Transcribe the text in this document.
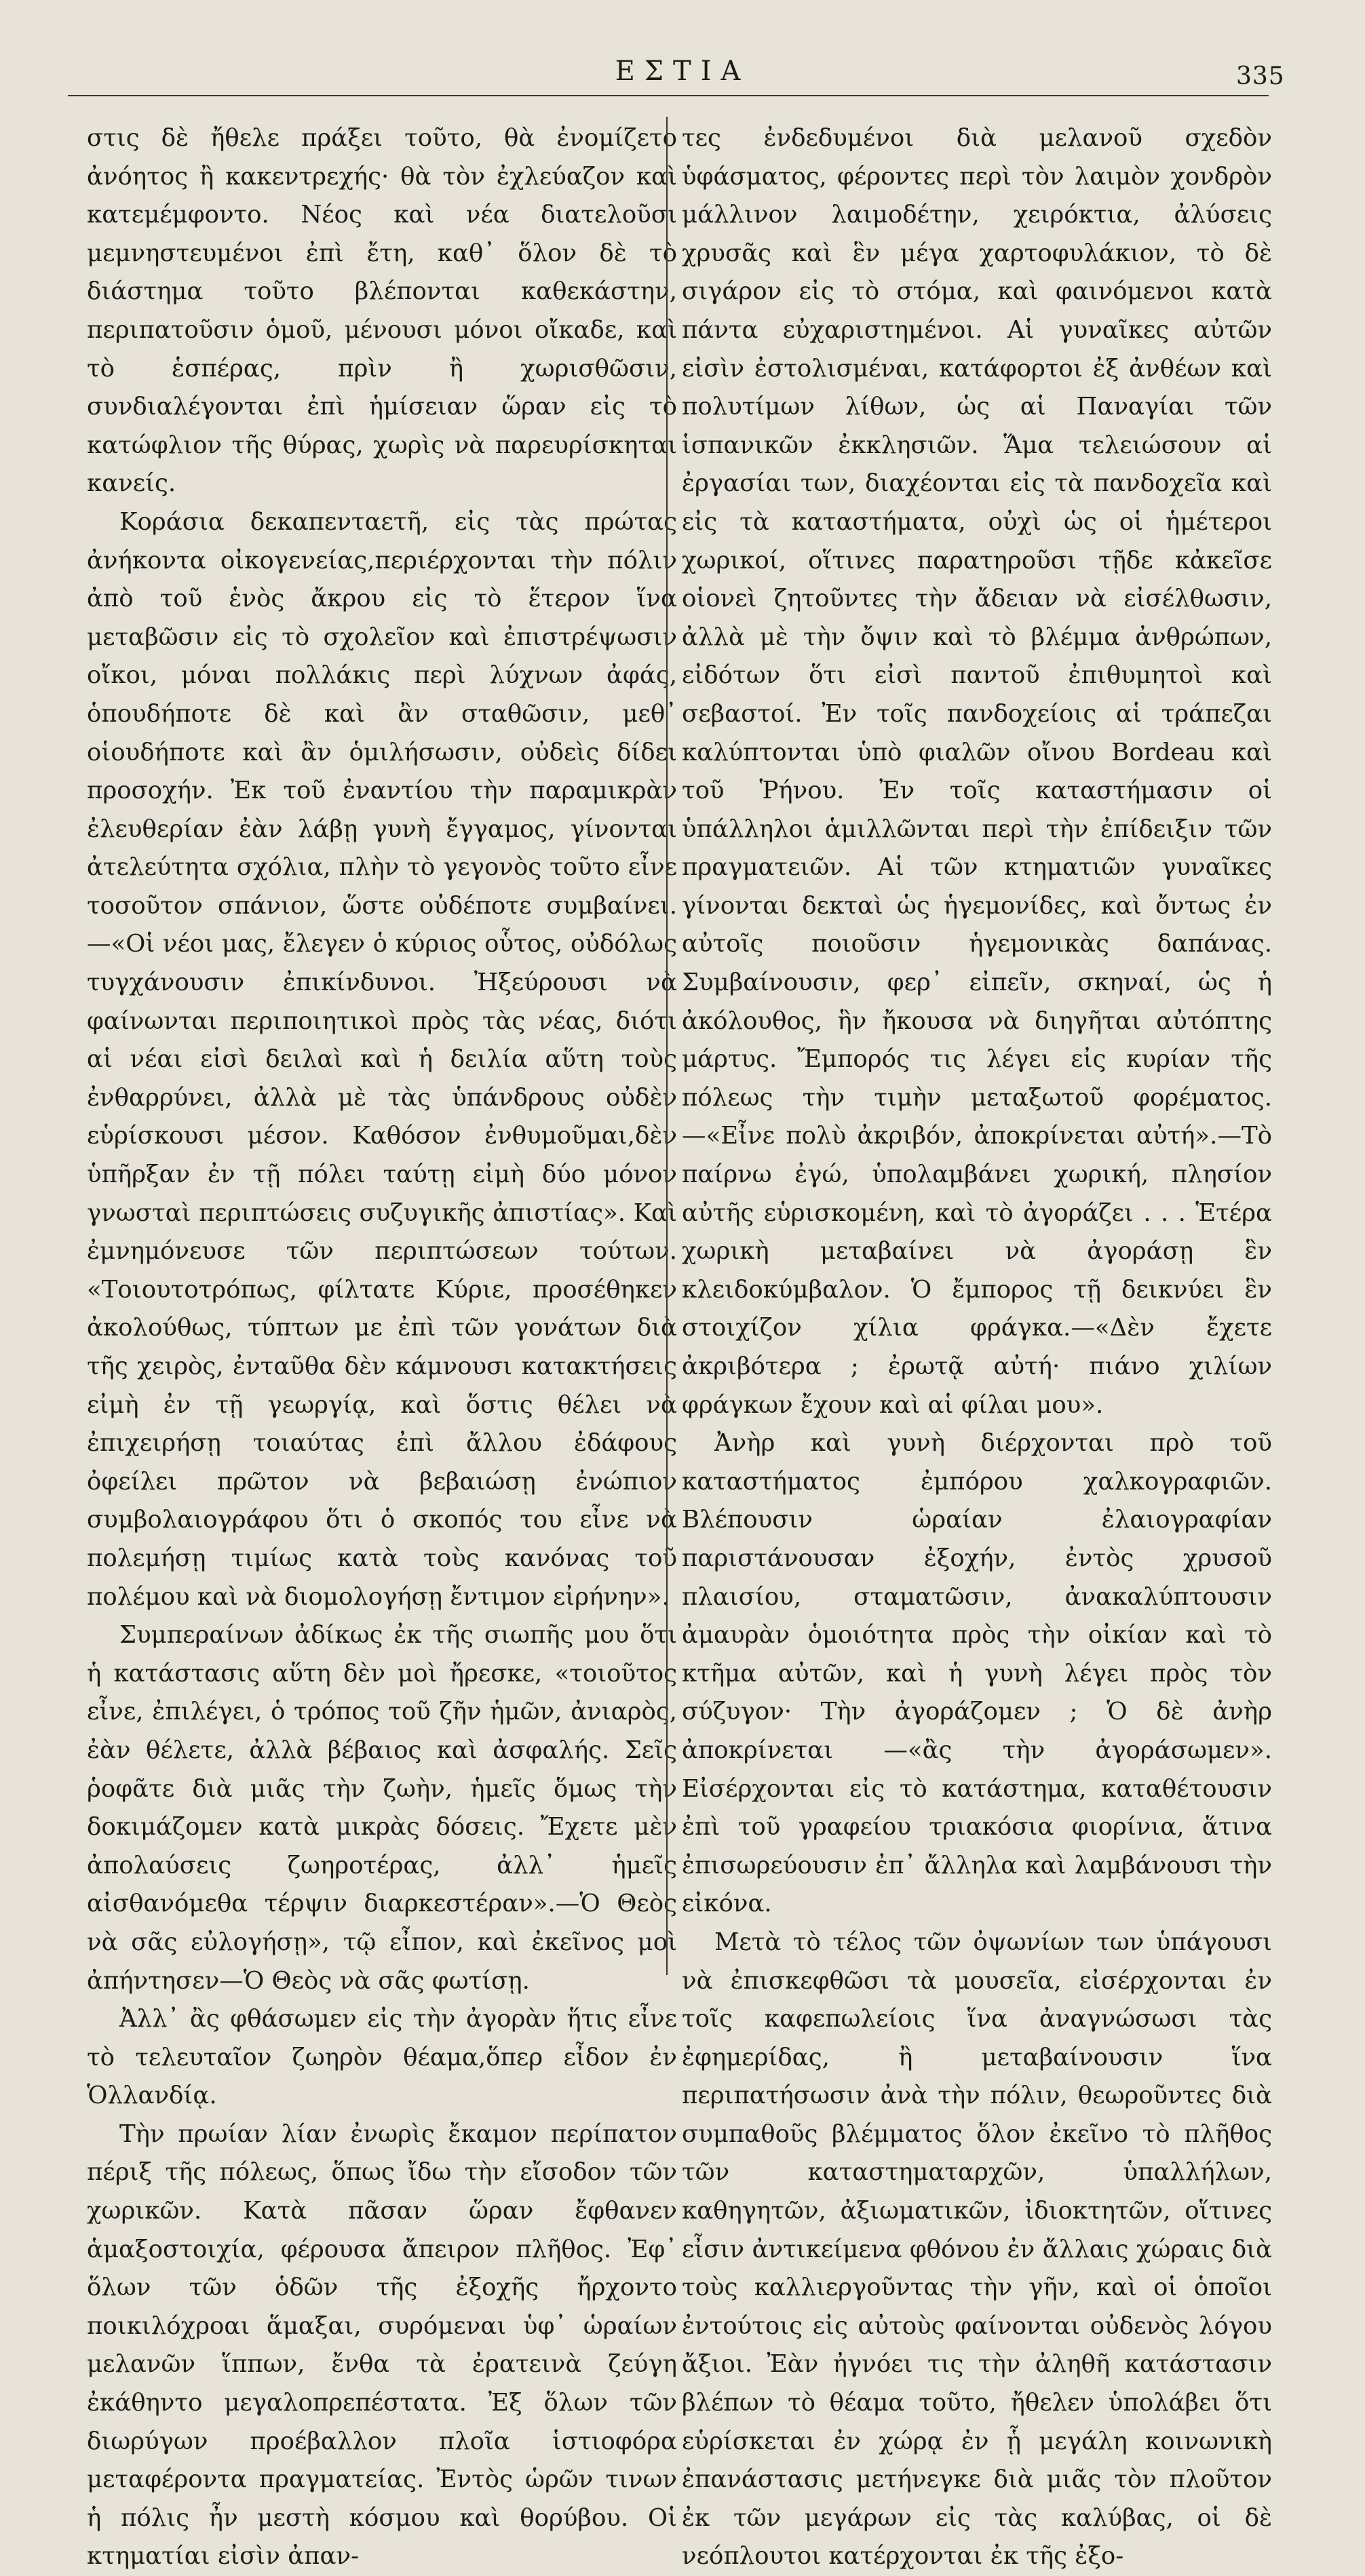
ΕΣΤΙΑ	335

στις δὲ ἤθελε πράξει τοῦτο, θὰ ἐνομίζετο ἀνόητος ἢ κακεντρεχής· θὰ τὸν ἐχλεύαζον καὶ κατεμέμφοντο. Νέος καὶ νέα διατελοῦσι μεμνηστευμένοι ἐπὶ ἔτη, καθ᾽ ὅλον δὲ τὸ διάστημα τοῦτο βλέπονται καθεκάστην, περιπατοῦσιν ὁμοῦ, μένουσι μόνοι οἴκαδε, καὶ τὸ ἑσπέρας, πρὶν ἢ χωρισθῶσιν, συνδιαλέγονται ἐπὶ ἡμίσειαν ὥραν εἰς τὸ κατώφλιον τῆς θύρας, χωρὶς νὰ παρευρίσκηται κανείς.

Κοράσια δεκαπενταετῆ, εἰς τὰς πρώτας ἀνήκοντα οἰκογενείας,περιέρχονται τὴν πόλιν ἀπὸ τοῦ ἑνὸς ἄκρου εἰς τὸ ἕτερον ἵνα μεταβῶσιν εἰς τὸ σχολεῖον καὶ ἐπιστρέψωσιν οἴκοι, μόναι πολλάκις περὶ λύχνων ἀφάς, ὁπουδήποτε δὲ καὶ ἂν σταθῶσιν, μεθ᾽ οἱουδήποτε καὶ ἂν ὁμιλήσωσιν, οὐδεὶς δίδει προσοχήν. Ἐκ τοῦ ἐναντίου τὴν παραμικρὰν ἐλευθερίαν ἐὰν λάβῃ γυνὴ ἔγγαμος, γίνονται ἀτελεύτητα σχόλια, πλὴν τὸ γεγονὸς τοῦτο εἶνε τοσοῦτον σπάνιον, ὥστε οὐδέποτε συμβαίνει.—«Οἱ νέοι μας, ἔλεγεν ὁ κύριος οὗτος, οὐδόλως τυγχάνουσιν ἐπικίνδυνοι. Ἠξεύρουσι νὰ φαίνωνται περιποιητικοὶ πρὸς τὰς νέας, διότι αἱ νέαι εἰσὶ δειλαὶ καὶ ἡ δειλία αὕτη τοὺς ἐνθαρρύνει, ἀλλὰ μὲ τὰς ὑπάνδρους οὐδὲν εὑρίσκουσι μέσον. Καθόσον ἐνθυμοῦμαι,δὲν ὑπῆρξαν ἐν τῇ πόλει ταύτῃ εἰμὴ δύο μόνον γνωσταὶ περιπτώσεις συζυγικῆς ἀπιστίας». Καὶ ἐμνημόνευσε τῶν περιπτώσεων τούτων. «Τοιουτοτρόπως, φίλτατε Κύριε, προσέθηκεν ἀκολούθως, τύπτων με ἐπὶ τῶν γονάτων διὰ τῆς χειρὸς, ἐνταῦθα δὲν κάμνουσι κατακτήσεις εἰμὴ ἐν τῇ γεωργίᾳ, καὶ ὅστις θέλει νὰ ἐπιχειρήσῃ τοιαύτας ἐπὶ ἄλλου ἐδάφους ὀφείλει πρῶτον νὰ βεβαιώσῃ ἐνώπιον συμβολαιογράφου ὅτι ὁ σκοπός του εἶνε νὰ πολεμήσῃ τιμίως κατὰ τοὺς κανόνας τοῦ πολέμου καὶ νὰ διομολογήσῃ ἔντιμον εἰρήνην».

Συμπεραίνων ἀδίκως ἐκ τῆς σιωπῆς μου ὅτι ἡ κατάστασις αὕτη δὲν μοὶ ἤρεσκε, «τοιοῦτος εἶνε, ἐπιλέγει, ὁ τρόπος τοῦ ζῆν ἡμῶν, ἀνιαρὸς, ἐὰν θέλετε, ἀλλὰ βέβαιος καὶ ἀσφαλής. Σεῖς ῥοφᾶτε διὰ μιᾶς τὴν ζωὴν, ἡμεῖς ὅμως τὴν δοκιμάζομεν κατὰ μικρὰς δόσεις. Ἔχετε μὲν ἀπολαύσεις ζωηροτέρας, ἀλλ᾽ ἡμεῖς αἰσθανόμεθα τέρψιν διαρκεστέραν».—Ὁ Θεὸς νὰ σᾶς εὐλογήσῃ», τῷ εἶπον, καὶ ἐκεῖνος μοὶ ἀπήντησεν—Ὁ Θεὸς νὰ σᾶς φωτίσῃ.

Ἀλλ᾽ ἂς φθάσωμεν εἰς τὴν ἀγορὰν ἥτις εἶνε τὸ τελευταῖον ζωηρὸν θέαμα,ὅπερ εἶδον ἐν Ὁλλανδίᾳ.

Τὴν πρωίαν λίαν ἐνωρὶς ἔκαμον περίπατον πέριξ τῆς πόλεως, ὅπως ἴδω τὴν εἴσοδον τῶν χωρικῶν. Κατὰ πᾶσαν ὥραν ἔφθανεν ἁμαξοστοιχία, φέρουσα ἄπειρον πλῆθος. Ἐφ᾽ ὅλων τῶν ὁδῶν τῆς ἐξοχῆς ἤρχοντο ποικιλόχροαι ἅμαξαι, συρόμεναι ὑφ᾽ ὡραίων μελανῶν ἵππων, ἔνθα τὰ ἐρατεινὰ ζεύγη ἐκάθηντο μεγαλοπρεπέστατα. Ἐξ ὅλων τῶν διωρύγων προέβαλλον πλοῖα ἱστιοφόρα μεταφέροντα πραγματείας. Ἐντὸς ὡρῶν τινων ἡ πόλις ἦν μεστὴ κόσμου καὶ θορύβου. Οἱ κτηματίαι εἰσὶν ἀπαν-

τες ἐνδεδυμένοι διὰ μελανοῦ σχεδὸν ὑφάσματος, φέροντες περὶ τὸν λαιμὸν χονδρὸν μάλλινον λαιμοδέτην, χειρόκτια, ἀλύσεις χρυσᾶς καὶ ἓν μέγα χαρτοφυλάκιον, τὸ δὲ σιγάρον εἰς τὸ στόμα, καὶ φαινόμενοι κατὰ πάντα εὐχαριστημένοι. Αἱ γυναῖκες αὐτῶν εἰσὶν ἐστολισμέναι, κατάφορτοι ἐξ ἀνθέων καὶ πολυτίμων λίθων, ὡς αἱ Παναγίαι τῶν ἱσπανικῶν ἐκκλησιῶν. Ἅμα τελειώσουν αἱ ἐργασίαι των, διαχέονται εἰς τὰ πανδοχεῖα καὶ εἰς τὰ καταστήματα, οὐχὶ ὡς οἱ ἡμέτεροι χωρικοί, οἵτινες παρατηροῦσι τῇδε κἀκεῖσε οἱονεὶ ζητοῦντες τὴν ἄδειαν νὰ εἰσέλθωσιν, ἀλλὰ μὲ τὴν ὄψιν καὶ τὸ βλέμμα ἀνθρώπων, εἰδότων ὅτι εἰσὶ παντοῦ ἐπιθυμητοὶ καὶ σεβαστοί. Ἐν τοῖς πανδοχείοις αἱ τράπεζαι καλύπτονται ὑπὸ φιαλῶν οἴνου Bordeau καὶ τοῦ Ῥήνου. Ἐν τοῖς καταστήμασιν οἱ ὑπάλληλοι ἁμιλλῶνται περὶ τὴν ἐπίδειξιν τῶν πραγματειῶν. Αἱ τῶν κτηματιῶν γυναῖκες γίνονται δεκταὶ ὡς ἡγεμονίδες, καὶ ὄντως ἐν αὐτοῖς ποιοῦσιν ἡγεμονικὰς δαπάνας. Συμβαίνουσιν, φερ᾽ εἰπεῖν, σκηναί, ὡς ἡ ἀκόλουθος, ἣν ἤκουσα νὰ διηγῆται αὐτόπτης μάρτυς. Ἔμπορός τις λέγει εἰς κυρίαν τῆς πόλεως τὴν τιμὴν μεταξωτοῦ φορέματος.—«Εἶνε πολὺ ἀκριβόν, ἀποκρίνεται αὐτή».—Τὸ παίρνω ἐγώ, ὑπολαμβάνει χωρική, πλησίον αὐτῆς εὑρισκομένη, καὶ τὸ ἀγοράζει . . . Ἑτέρα χωρικὴ μεταβαίνει νὰ ἀγοράσῃ ἓν κλειδοκύμβαλον. Ὁ ἔμπορος τῇ δεικνύει ἓν στοιχίζον χίλια φράγκα.—«Δὲν ἔχετε ἀκριβότερα ; ἐρωτᾷ αὐτή· πιάνο χιλίων φράγκων ἔχουν καὶ αἱ φίλαι μου».

Ἀνὴρ καὶ γυνὴ διέρχονται πρὸ τοῦ καταστήματος ἐμπόρου χαλκογραφιῶν. Βλέπουσιν ὡραίαν ἐλαιογραφίαν παριστάνουσαν ἐξοχήν, ἐντὸς χρυσοῦ πλαισίου, σταματῶσιν, ἀνακαλύπτουσιν ἀμαυρὰν ὁμοιότητα πρὸς τὴν οἰκίαν καὶ τὸ κτῆμα αὐτῶν, καὶ ἡ γυνὴ λέγει πρὸς τὸν σύζυγον· Τὴν ἀγοράζομεν ; Ὁ δὲ ἀνὴρ ἀποκρίνεται —«ἂς τὴν ἀγοράσωμεν». Εἰσέρχονται εἰς τὸ κατάστημα, καταθέτουσιν ἐπὶ τοῦ γραφείου τριακόσια φιορίνια, ἅτινα ἐπισωρεύουσιν ἐπ᾽ ἄλληλα καὶ λαμβάνουσι τὴν εἰκόνα.

Μετὰ τὸ τέλος τῶν ὀψωνίων των ὑπάγουσι νὰ ἐπισκεφθῶσι τὰ μουσεῖα, εἰσέρχονται ἐν τοῖς καφεπωλείοις ἵνα ἀναγνώσωσι τὰς ἐφημερίδας, ἢ μεταβαίνουσιν ἵνα περιπατήσωσιν ἀνὰ τὴν πόλιν, θεωροῦντες διὰ συμπαθοῦς βλέμματος ὅλον ἐκεῖνο τὸ πλῆθος τῶν καταστηματαρχῶν, ὑπαλλήλων, καθηγητῶν, ἀξιωματικῶν, ἰδιοκτητῶν, οἵτινες εἶσιν ἀντικείμενα φθόνου ἐν ἄλλαις χώραις διὰ τοὺς καλλιεργοῦντας τὴν γῆν, καὶ οἱ ὁποῖοι ἐντούτοις εἰς αὐτοὺς φαίνονται οὐδενὸς λόγου ἄξιοι. Ἐὰν ἠγνόει τις τὴν ἀληθῆ κατάστασιν βλέπων τὸ θέαμα τοῦτο, ἤθελεν ὑπολάβει ὅτι εὑρίσκεται ἐν χώρᾳ ἐν ᾗ μεγάλη κοινωνικὴ ἐπανάστασις μετήνεγκε διὰ μιᾶς τὸν πλοῦτον ἐκ τῶν μεγάρων εἰς τὰς καλύβας, οἱ δὲ νεόπλουτοι κατέρχονται ἐκ τῆς ἐξο-
